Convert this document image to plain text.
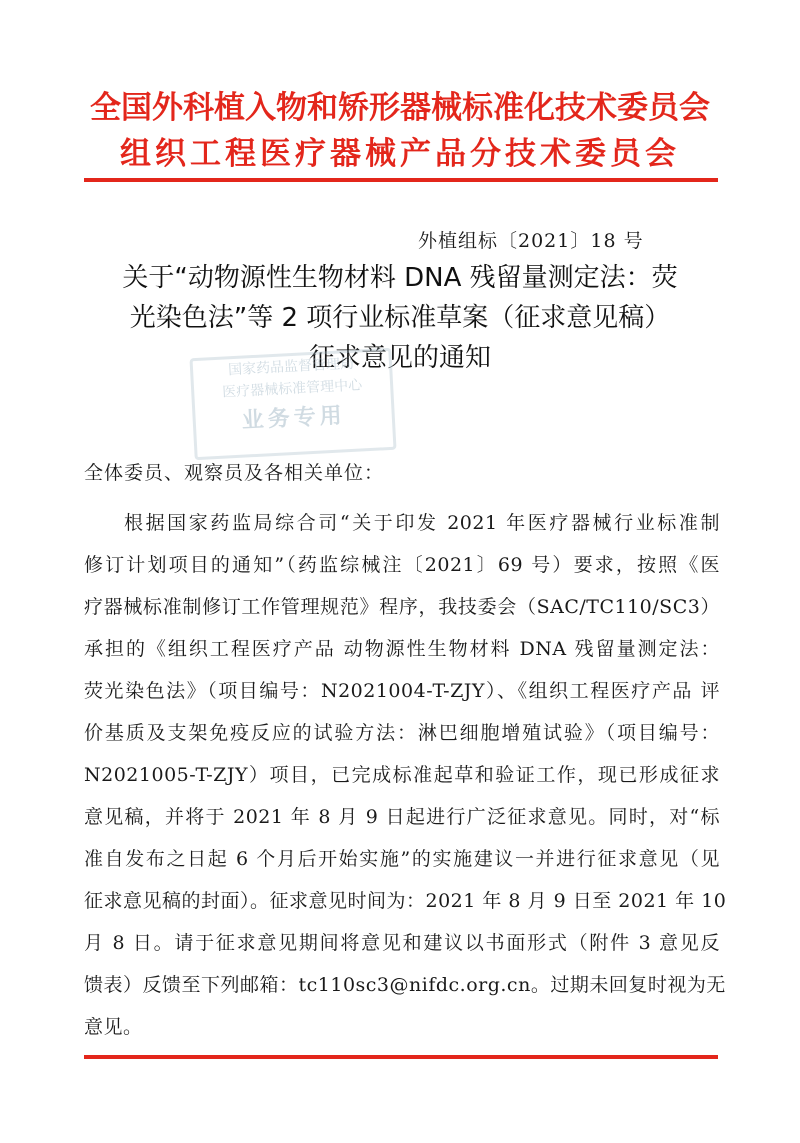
全国外科植入物和矫形器械标准化技术委员会
组织工程医疗器械产品分技术委员会
外植组标〔2021〕18 号
关于“动物源性生物材料 DNA 残留量测定法：荧
光染色法”等 2 项行业标准草案（征求意见稿）
征求意见的通知
国家药品监督管理局
医疗器械标准管理中心
业务专用
全体委员、观察员及各相关单位：
根据国家药监局综合司“关于印发 2021 年医疗器械行业标准制
修订计划项目的通知”（药监综械注〔2021〕69 号）要求，按照《医
疗器械标准制修订工作管理规范》程序，我技委会（SAC/TC110/SC3）
承担的《组织工程医疗产品 动物源性生物材料 DNA 残留量测定法：
荧光染色法》（项目编号：N2021004-T-ZJY）、《组织工程医疗产品 评
价基质及支架免疫反应的试验方法：淋巴细胞增殖试验》（项目编号：
N2021005-T-ZJY）项目，已完成标准起草和验证工作，现已形成征求
意见稿，并将于 2021 年 8 月 9 日起进行广泛征求意见。同时，对“标
准自发布之日起 6 个月后开始实施”的实施建议一并进行征求意见（见
征求意见稿的封面）。征求意见时间为：2021 年 8 月 9 日至 2021 年 10
月 8 日。请于征求意见期间将意见和建议以书面形式（附件 3 意见反
馈表）反馈至下列邮箱：tc110sc3@nifdc.org.cn。过期未回复时视为无
意见。
